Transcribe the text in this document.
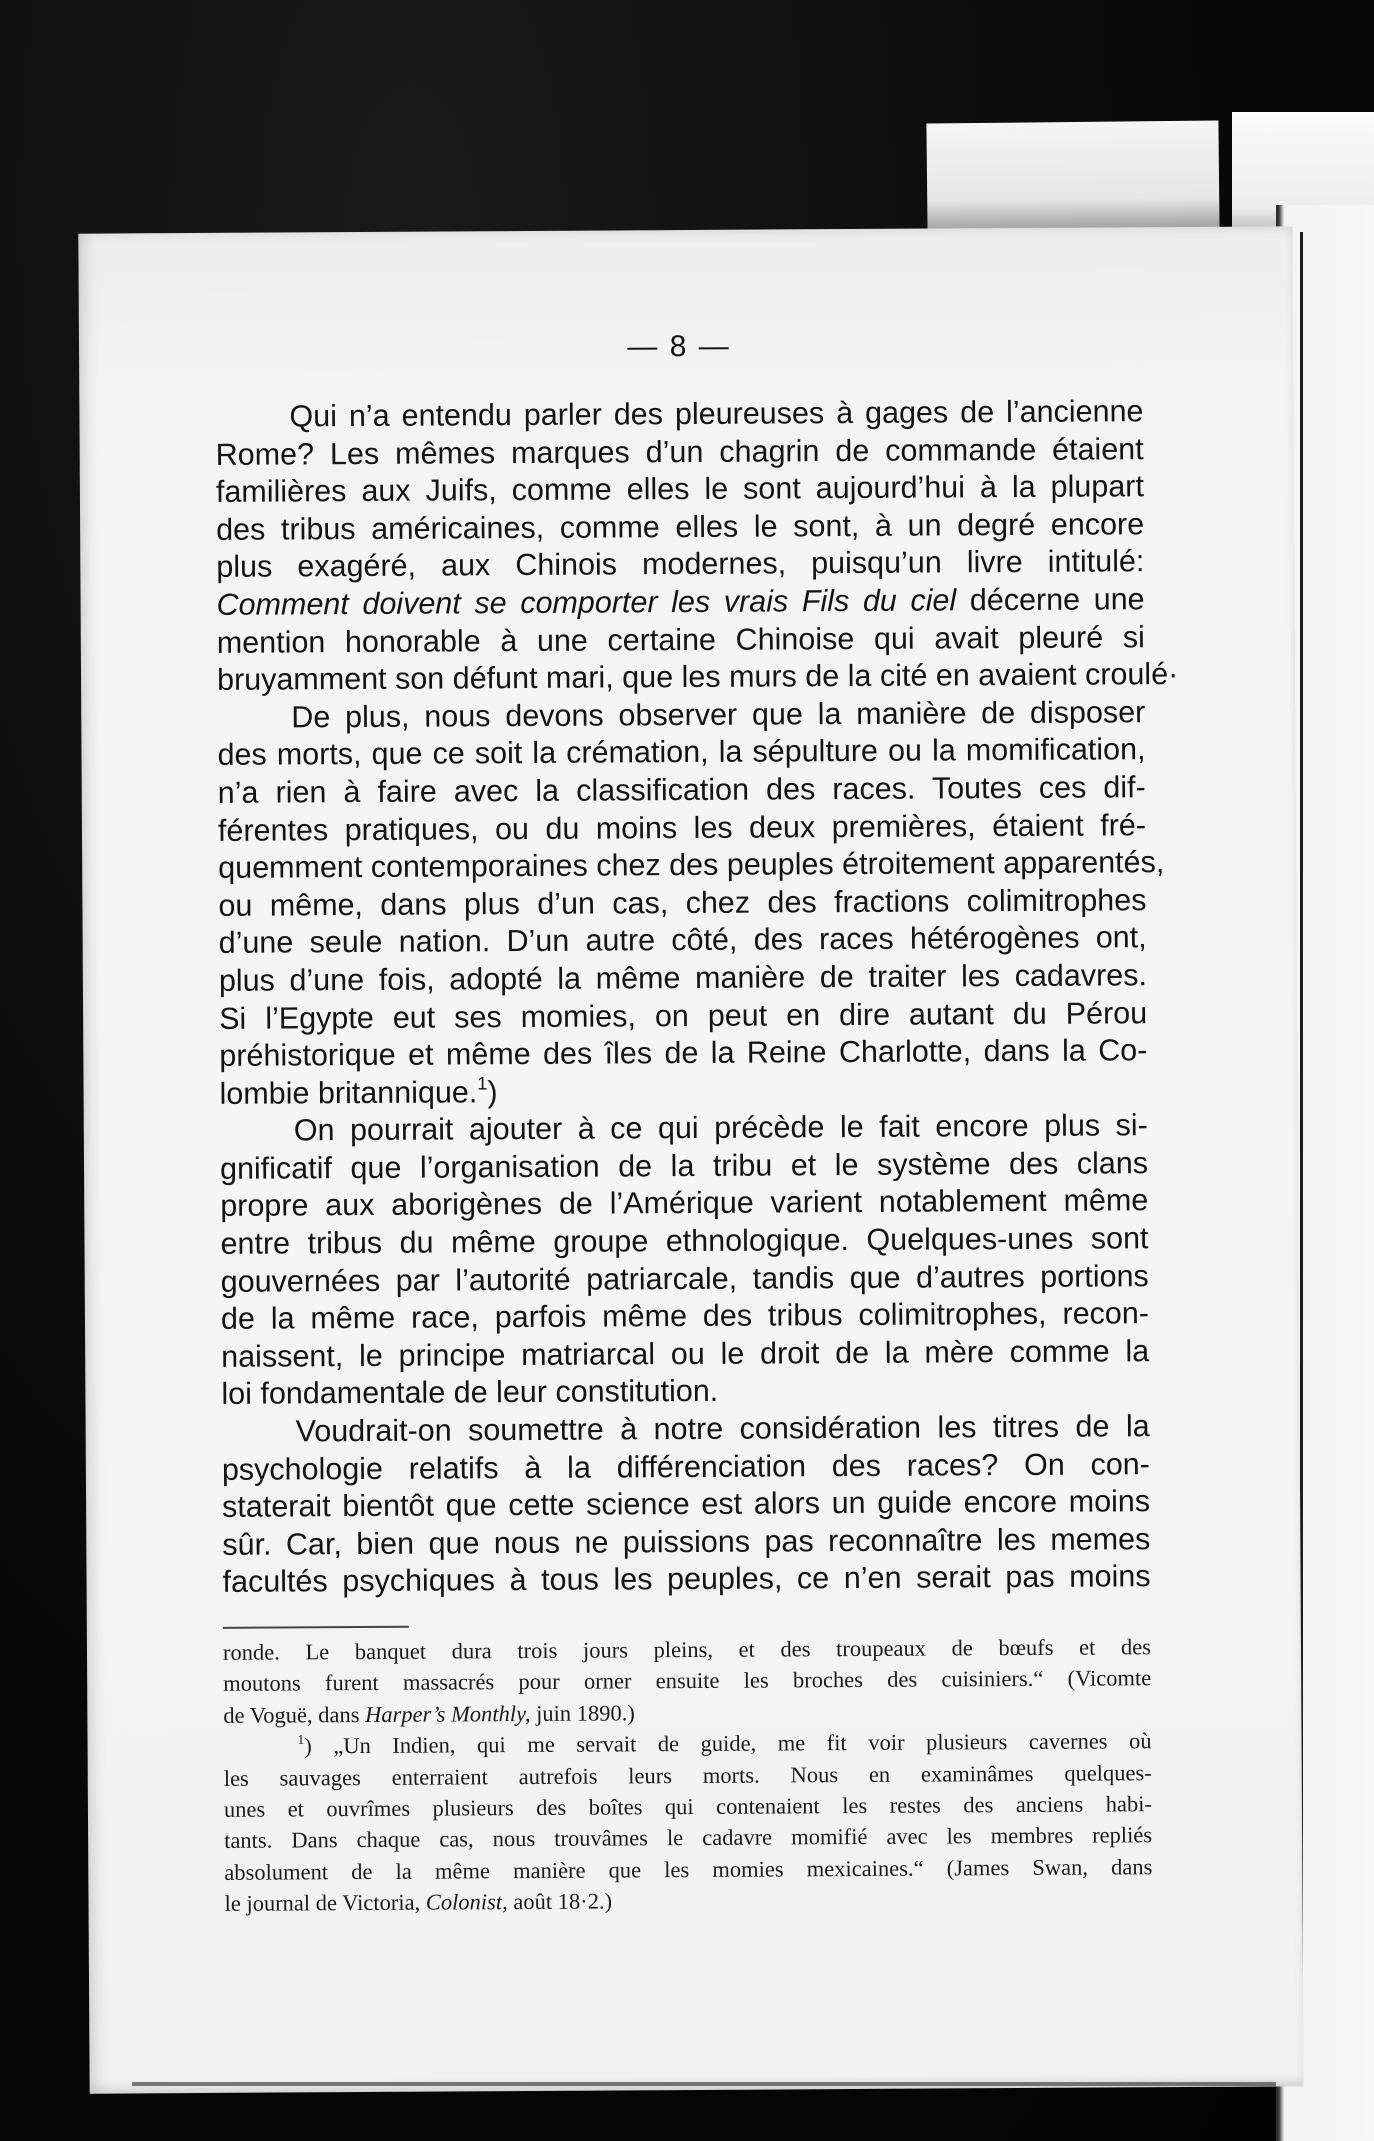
— 8 —
Qui n’a entendu parler des pleureuses à gages de l’ancienne
Rome? Les mêmes marques d’un chagrin de commande étaient
familières aux Juifs, comme elles le sont aujourd’hui à la plupart
des tribus américaines, comme elles le sont, à un degré encore
plus exagéré, aux Chinois modernes, puisqu’un livre intitulé:
Comment doivent se comporter les vrais Fils du ciel décerne une
mention honorable à une certaine Chinoise qui avait pleuré si
bruyamment son défunt mari, que les murs de la cité en avaient croulé·
De plus, nous devons observer que la manière de disposer
des morts, que ce soit la crémation, la sépulture ou la momification,
n’a rien à faire avec la classification des races. Toutes ces dif-
férentes pratiques, ou du moins les deux premières, étaient fré-
quemment contemporaines chez des peuples étroitement apparentés,
ou même, dans plus d’un cas, chez des fractions colimitrophes
d’une seule nation. D’un autre côté, des races hétérogènes ont,
plus d’une fois, adopté la même manière de traiter les cadavres.
Si l’Egypte eut ses momies, on peut en dire autant du Pérou
préhistorique et même des îles de la Reine Charlotte, dans la Co-
lombie britannique.$^1$)
On pourrait ajouter à ce qui précède le fait encore plus si-
gnificatif que l’organisation de la tribu et le système des clans
propre aux aborigènes de l’Amérique varient notablement même
entre tribus du même groupe ethnologique. Quelques-unes sont
gouvernées par l’autorité patriarcale, tandis que d’autres portions
de la même race, parfois même des tribus colimitrophes, recon-
naissent, le principe matriarcal ou le droit de la mère comme la
loi fondamentale de leur constitution.
Voudrait-on soumettre à notre considération les titres de la
psychologie relatifs à la différenciation des races? On con-
staterait bientôt que cette science est alors un guide encore moins
sûr. Car, bien que nous ne puissions pas reconnaître les memes
facultés psychiques à tous les peuples, ce n’en serait pas moins
ronde. Le banquet dura trois jours pleins, et des troupeaux de bœufs et des
moutons furent massacrés pour orner ensuite les broches des cuisiniers.“ (Vicomte
de Voguë, dans Harper’s Monthly, juin 1890.)
$^1$) „Un Indien, qui me servait de guide, me fit voir plusieurs cavernes où
les sauvages enterraient autrefois leurs morts. Nous en examinâmes quelques-
unes et ouvrîmes plusieurs des boîtes qui contenaient les restes des anciens habi-
tants. Dans chaque cas, nous trouvâmes le cadavre momifié avec les membres repliés
absolument de la même manière que les momies mexicaines.“ (James Swan, dans
le journal de Victoria, Colonist, août 18·2.)
